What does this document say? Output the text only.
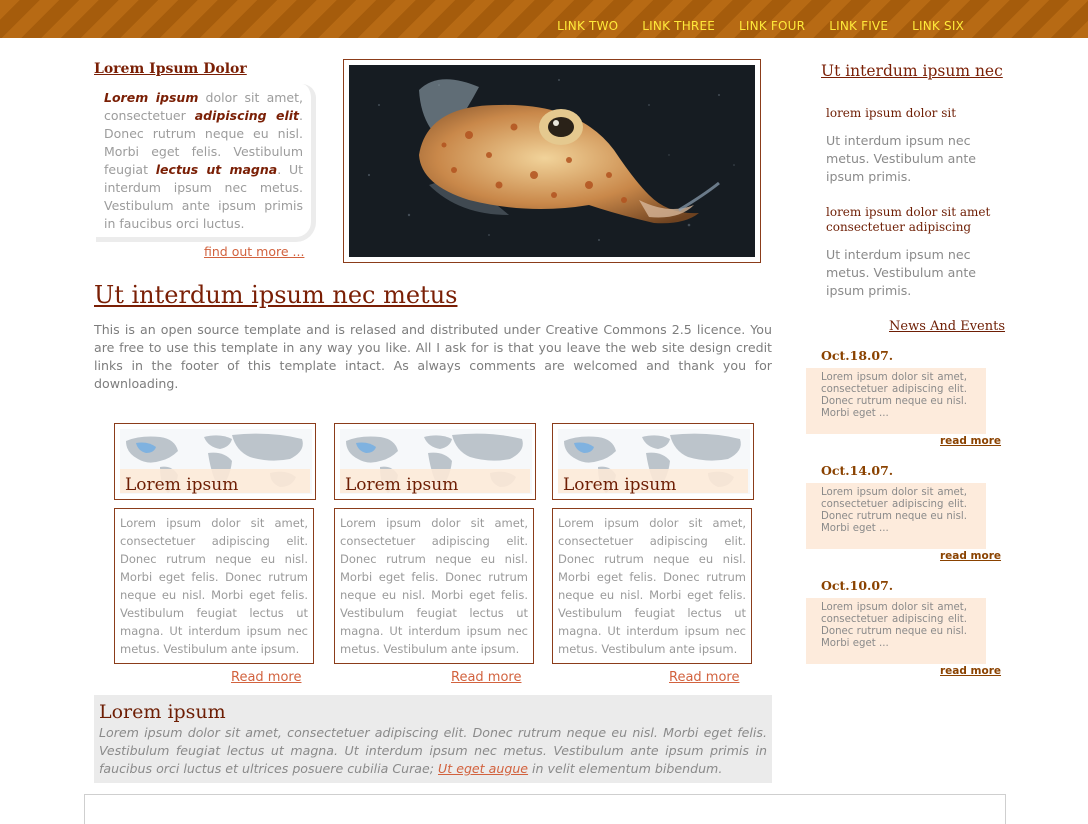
LINK TWO LINK THREE LINK FOUR LINK FIVE LINK SIX
Lorem Ipsum Dolor
Lorem ipsum dolor sit amet, consectetuer adipiscing elit. Donec rutrum neque eu nisl. Morbi eget felis. Vestibulum feugiat lectus ut magna. Ut interdum ipsum nec metus. Vestibulum ante ipsum primis in faucibus orci luctus.
find out more ...
Ut interdum ipsum nec metus
This is an open source template and is relased and distributed under Creative Commons 2.5 licence. You are free to use this template in any way you like. All I ask for is that you leave the web site design credit links in the footer of this template intact. As always comments are welcomed and thank you for downloading.
Lorem ipsum
Lorem ipsum dolor sit amet, consectetuer adipiscing elit. Donec rutrum neque eu nisl. Morbi eget felis. Donec rutrum neque eu nisl. Morbi eget felis. Vestibulum feugiat lectus ut magna. Ut interdum ipsum nec metus. Vestibulum ante ipsum.
Read more
Lorem ipsum
Lorem ipsum dolor sit amet, consectetuer adipiscing elit. Donec rutrum neque eu nisl. Morbi eget felis. Donec rutrum neque eu nisl. Morbi eget felis. Vestibulum feugiat lectus ut magna. Ut interdum ipsum nec metus. Vestibulum ante ipsum.
Read more
Lorem ipsum
Lorem ipsum dolor sit amet, consectetuer adipiscing elit. Donec rutrum neque eu nisl. Morbi eget felis. Donec rutrum neque eu nisl. Morbi eget felis. Vestibulum feugiat lectus ut magna. Ut interdum ipsum nec metus. Vestibulum ante ipsum.
Read more
Lorem ipsum
Lorem ipsum dolor sit amet, consectetuer adipiscing elit. Donec rutrum neque eu nisl. Morbi eget felis. Vestibulum feugiat lectus ut magna. Ut interdum ipsum nec metus. Vestibulum ante ipsum primis in faucibus orci luctus et ultrices posuere cubilia Curae; Ut eget augue in velit elementum bibendum.
Ut interdum ipsum nec
lorem ipsum dolor sit
Ut interdum ipsum nec metus. Vestibulum ante ipsum primis.
lorem ipsum dolor sit amet consectetuer adipiscing
Ut interdum ipsum nec metus. Vestibulum ante ipsum primis.
News And Events
Oct.18.07.
Lorem ipsum dolor sit amet, consectetuer adipiscing elit. Donec rutrum neque eu nisl. Morbi eget ...
read more
Oct.14.07.
Lorem ipsum dolor sit amet, consectetuer adipiscing elit. Donec rutrum neque eu nisl. Morbi eget ...
read more
Oct.10.07.
Lorem ipsum dolor sit amet, consectetuer adipiscing elit. Donec rutrum neque eu nisl. Morbi eget ...
read more
